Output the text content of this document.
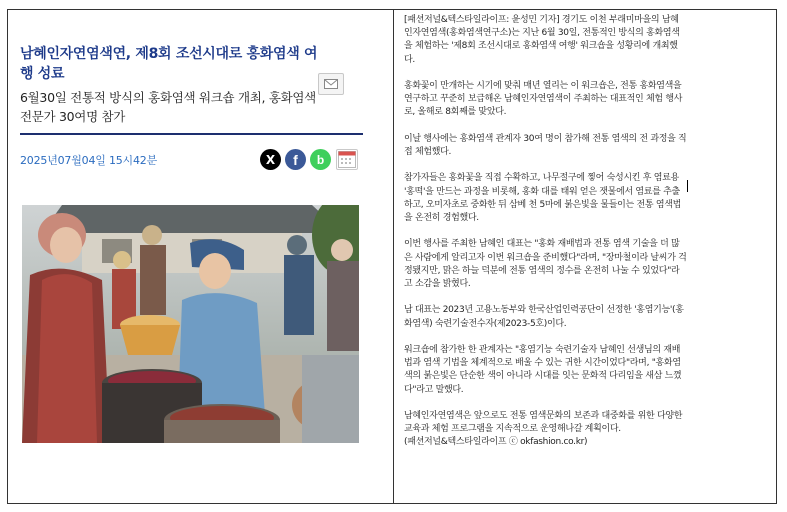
남혜인자연염색연, 제8회 조선시대로 홍화염색 여행 성료
6월30일 전통적 방식의 홍화염색 워크숍 개최, 홍화염색 전문가 30여명 참가
2025년07월04일 15시42분	X f b

[패션저널&텍스타일라이프: 윤성민 기자] 경기도 이천 부래미마을의 남혜인자연염색(홍화염색연구소)는 지난 6월 30일, 전통적인 방식의 홍화염색을 체험하는 '제8회 조선시대로 홍화염색 여행' 워크숍을 성황리에 개최했다.

홍화꽃이 만개하는 시기에 맞춰 매년 열리는 이 워크숍은, 전통 홍화염색을 연구하고 꾸준히 보급해온 남혜인자연염색이 주최하는 대표적인 체험 행사로, 올해로 8회째를 맞았다.

이날 행사에는 홍화염색 관계자 30여 명이 참가해 전통 염색의 전 과정을 직접 체험했다.

참가자들은 홍화꽃을 직접 수확하고, 나무절구에 찧어 숙성시킨 후 염료용 '홍떡'을 만드는 과정을 비롯해, 홍화 대를 태워 얻은 잿물에서 염료를 추출하고, 오미자초로 중화한 뒤 삼베 천 5마에 붉은빛을 물들이는 전통 염색법을 온전히 경험했다.

이번 행사를 주최한 남혜인 대표는 "홍화 재배법과 전통 염색 기술을 더 많은 사람에게 알리고자 이번 워크숍을 준비했다"라며, "장마철이라 날씨가 걱정됐지만, 맑은 하늘 덕분에 전통 염색의 정수를 온전히 나눌 수 있었다"라고 소감을 밝혔다.

남 대표는 2023년 고용노동부와 한국산업인력공단이 선정한 '홍염기능'(홍화염색) 숙련기술전수자(제2023-5호)이다.

워크숍에 참가한 한 관계자는 "홍염기능 숙련기술자 남혜인 선생님의 재배법과 염색 기법을 체계적으로 배울 수 있는 귀한 시간이었다"라며, "홍화염색의 붉은빛은 단순한 색이 아니라 시대를 잇는 문화적 다리임을 새삼 느꼈다"라고 말했다.

남혜인자연염색은 앞으로도 전통 염색문화의 보존과 대중화를 위한 다양한 교육과 체험 프로그램을 지속적으로 운영해나갈 계획이다.

(패션저널&텍스타일라이프 ⓒ okfashion.co.kr)
